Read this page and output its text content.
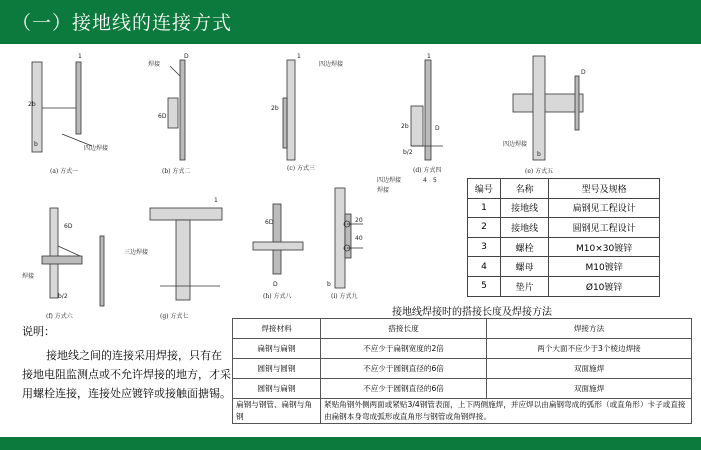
（一）接地线的连接方式
1
b
2b
四边焊接
D
6D
焊接
(a) 方式一	(b) 方式二
焊接
b/2
6D
三边焊接
1
(f) 方式六	(g) 方式七
1
四边焊接
2b
(c) 方式三
1
2b
b/2
D
(d) 方式四
四边焊接
D
b
(e) 方式五
6D
D
(h) 方式八
四边焊接
焊接
4 5
20
40
b
(i) 方式九
编号	名称	型号及规格
1	接地线	扁钢见工程设计
2	接地线	圆钢见工程设计
3	螺栓	M10×30镀锌
4	螺母	M10镀锌
5	垫片	Ø10镀锌
说明：
接地线之间的连接采用焊接，只有在接地电阻监测点或不允许焊接的地方，才采用螺栓连接，连接处应镀锌或接触面搪锡。
接地线焊接时的搭接长度及焊接方法
焊接材料	搭接长度	焊接方法
扁钢与扁钢	不应少于扁钢宽度的2倍	两个大面不应少于3个棱边焊接
圆钢与圆钢	不应少于圆钢直径的6倍	双面施焊
圆钢与扁钢	不应少于圆钢直径的6倍	双面施焊
扁钢与钢管、扁钢与角钢	紧贴角钢外侧两面或紧贴3/4钢管表面，上下两侧施焊，并应焊以由扁钢弯成的弧形（或直角形）卡子或直接由扁钢本身弯成弧形或直角形与钢管或角钢焊接。	
